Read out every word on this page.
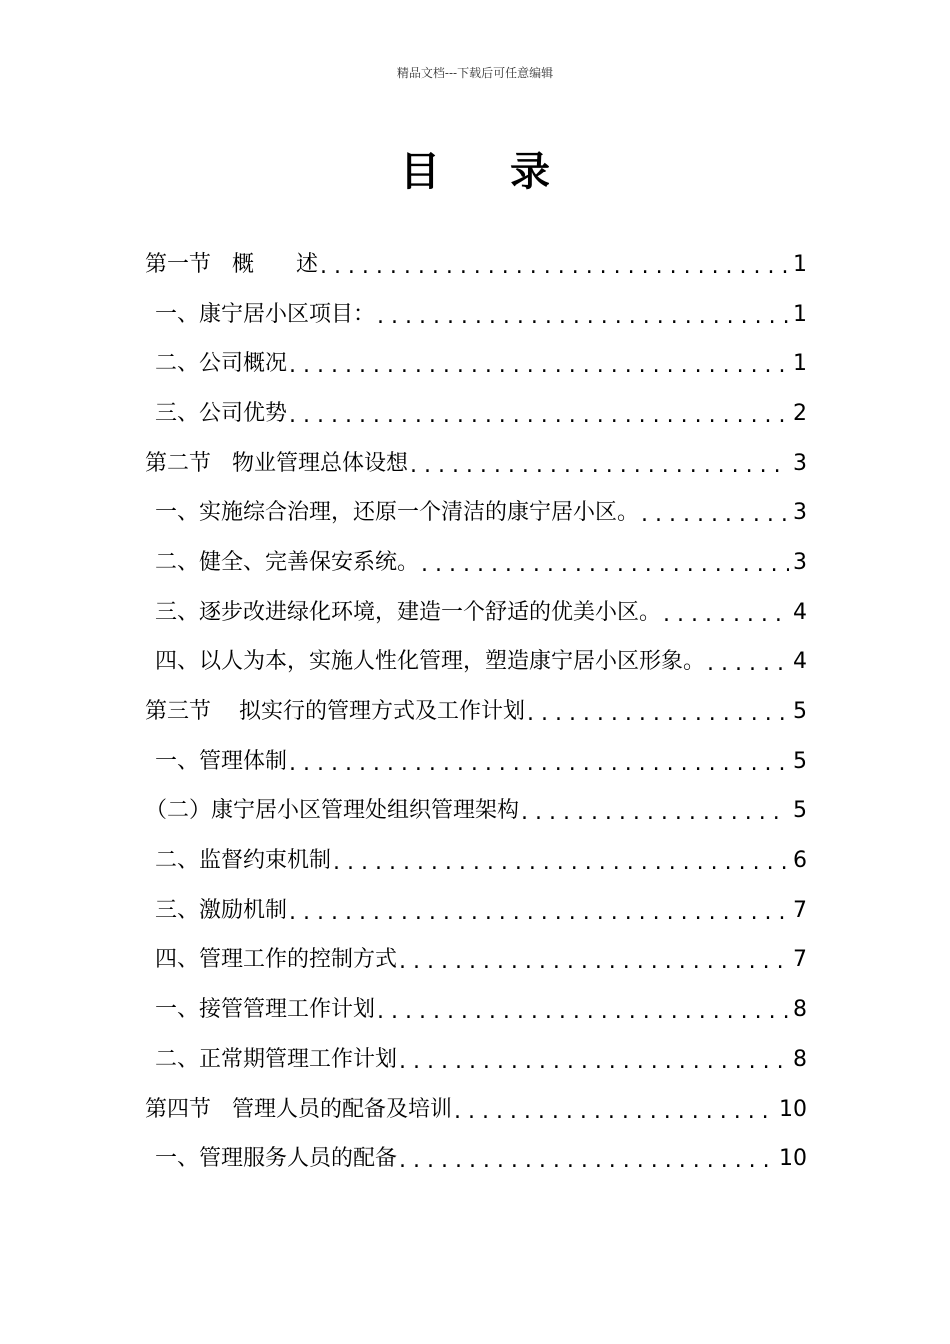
精品文档---下载后可任意编辑
目录
第一节   概      述 . . .	1
一、康宁居小区项目： . . .	1
二、公司概况 . . .	1
三、公司优势 . . .	2
第二节   物业管理总体设想 . . .	3
一、实施综合治理，还原一个清洁的康宁居小区。 . . .	3
二、健全、完善保安系统。 . . .	3
三、逐步改进绿化环境，建造一个舒适的优美小区。 . . .	4
四、以人为本，实施人性化管理，塑造康宁居小区形象。 . . .	4
第三节    拟实行的管理方式及工作计划 . . .	5
一、管理体制 . . .	5
（二）康宁居小区管理处组织管理架构 . . .	5
二、监督约束机制 . . .	6
三、激励机制 . . .	7
四、管理工作的控制方式 . . .	7
一、接管管理工作计划 . . .	8
二、正常期管理工作计划 . . .	8
第四节   管理人员的配备及培训 . . .	10
一、管理服务人员的配备 . . .	10
